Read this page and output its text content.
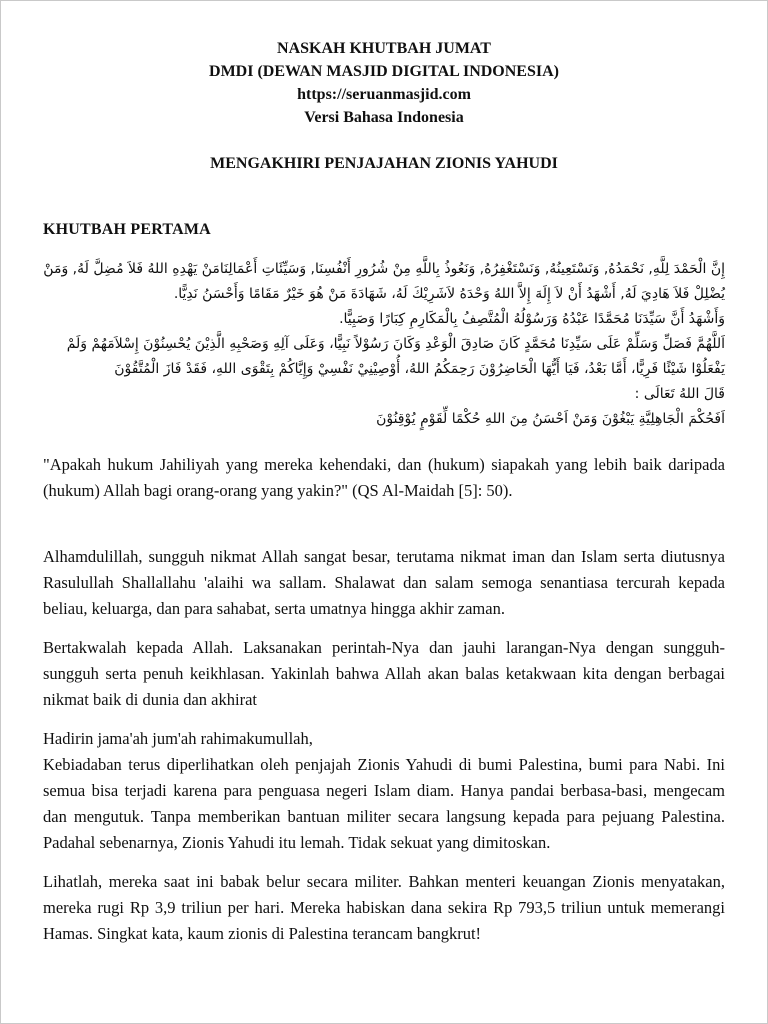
NASKAH KHUTBAH JUMAT
DMDI (DEWAN MASJID DIGITAL INDONESIA)
https://seruanmasjid.com
Versi Bahasa Indonesia
MENGAKHIRI PENJAJAHAN ZIONIS YAHUDI
KHUTBAH PERTAMA
إِنَّ الْحَمْدَ لِلَّهِ, نَحْمَدُهُ, وَنَسْتَعِينُهُ, وَنَسْتَغْفِرُهُ, وَنَعُوذُ بِاللَّهِ مِنْ شُرُورِ أَنْفُسِنَا, وَسَيِّئَاتِ أَعْمَالِنَامَنْ يَهْدِهِ اللهُ فَلاَ مُضِلَّ لَهُ, وَمَنْ
يُضْلِلْ فَلاَ هَادِيَ لَهُ, أَشْهَدُ أَنْ لاَ إِلَهَ إِلاَّ اللهُ وَحْدَهُ لاَشَرِيْكَ لَهُ، شَهَادَةَ مَنْ هُوَ خَيْرٌ مَقَامًا وَأَحْسَنُ نَدِيًّا.
وَأَشْهَدُ أَنَّ سَيِّدَنَا مُحَمَّدًا عَبْدُهُ وَرَسُوْلُهُ الْمُتَّصِفُ بِالْمَكَارِمِ كِبَارًا وَصَبِيًّا.
اَللَّهُمَّ فَصَلِّ وَسَلِّمْ عَلَى سَيِّدِنَا مُحَمَّدٍ كَانَ صَادِقَ الْوَعْدِ وَكَانَ رَسُوْلاً نَبِيًّا، وَعَلَى آلِهِ وَصَحْبِهِ الَّذِيْنَ يُحْسِنُوْنَ إِسْلاَمَهُمْ وَلَمْ
يَفْعَلُوْا شَيْئًا فَرِيًّا، أَمَّا بَعْدُ، فَيَا أَيُّهَا الْحَاضِرُوْنَ رَحِمَكُمُ اللهُ، أُوْصِيْنِيْ نَفْسِيْ وَإِيَّاكُمْ بِتَقْوَى اللهِ، فَقَدْ فَازَ الْمُتَّقُوْنَ
قَالَ اللهُ تَعَالَى :
اَفَحُكْمَ الْجَاهِلِيَّةِ يَبْغُوْنَ وَمَنْ اَحْسَنُ مِنَ اللهِ حُكْمًا لِّقَوْمٍ يُوْقِنُوْنَ

"Apakah hukum Jahiliyah yang mereka kehendaki, dan (hukum) siapakah yang lebih baik daripada (hukum) Allah bagi orang-orang yang yakin?" (QS Al-Maidah [5]: 50).

Alhamdulillah, sungguh nikmat Allah sangat besar, terutama nikmat iman dan Islam serta diutusnya Rasulullah Shallallahu 'alaihi wa sallam. Shalawat dan salam semoga senantiasa tercurah kepada beliau, keluarga, dan para sahabat, serta umatnya hingga akhir zaman.

Bertakwalah kepada Allah. Laksanakan perintah-Nya dan jauhi larangan-Nya dengan sungguh-sungguh serta penuh keikhlasan. Yakinlah bahwa Allah akan balas ketakwaan kita dengan berbagai nikmat baik di dunia dan akhirat

Hadirin jama'ah jum'ah rahimakumullah,
Kebiadaban terus diperlihatkan oleh penjajah Zionis Yahudi di bumi Palestina, bumi para Nabi. Ini semua bisa terjadi karena para penguasa negeri Islam diam. Hanya pandai berbasa-basi, mengecam dan mengutuk. Tanpa memberikan bantuan militer secara langsung kepada para pejuang Palestina. Padahal sebenarnya, Zionis Yahudi itu lemah. Tidak sekuat yang dimitoskan.

Lihatlah, mereka saat ini babak belur secara militer. Bahkan menteri keuangan Zionis menyatakan, mereka rugi Rp 3,9 triliun per hari. Mereka habiskan dana sekira Rp 793,5 triliun untuk memerangi Hamas. Singkat kata, kaum zionis di Palestina terancam bangkrut!
